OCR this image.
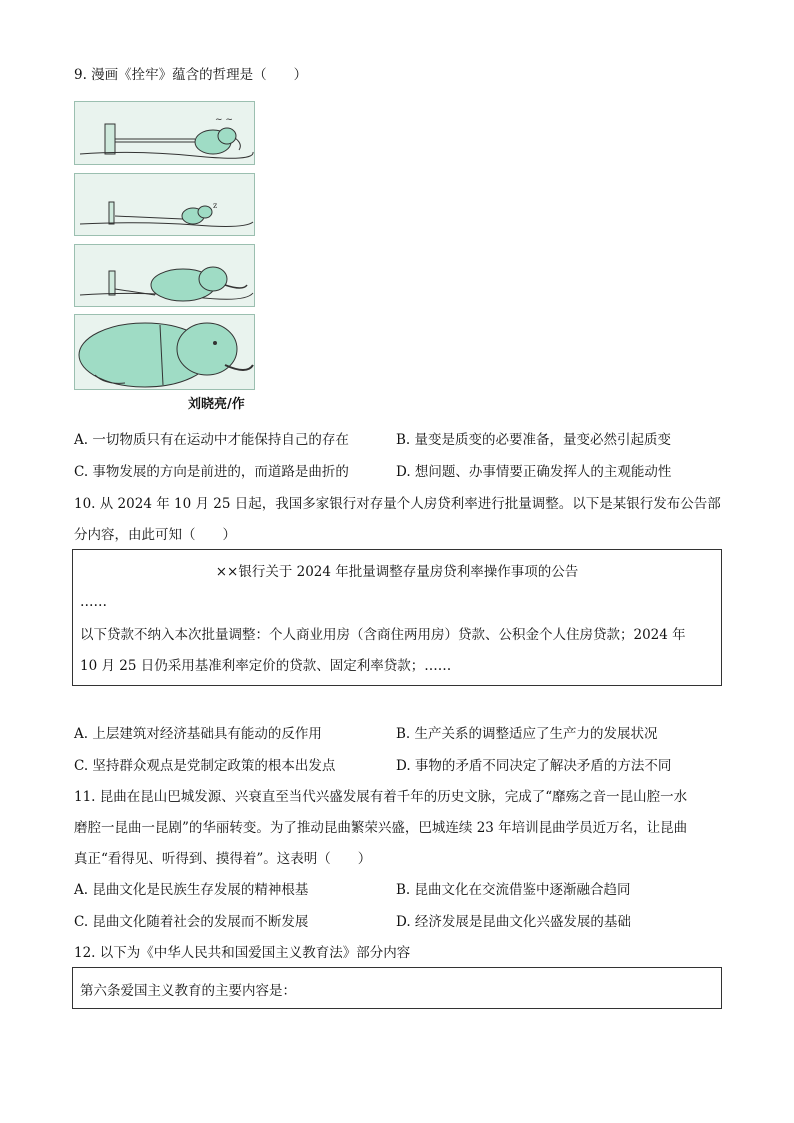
9. 漫画《拴牢》蕴含的哲理是（　　）
~ ~
z
刘晓亮/作
A. 一切物质只有在运动中才能保持自己的存在	B. 量变是质变的必要准备，量变必然引起质变
C. 事物发展的方向是前进的，而道路是曲折的	D. 想问题、办事情要正确发挥人的主观能动性
10. 从 2024 年 10 月 25 日起，我国多家银行对存量个人房贷利率进行批量调整。以下是某银行发布公告部
分内容，由此可知（　　）
××银行关于 2024 年批量调整存量房贷利率操作事项的公告
……
以下贷款不纳入本次批量调整：个人商业用房（含商住两用房）贷款、公积金个人住房贷款；2024 年
10 月 25 日仍采用基准利率定价的贷款、固定利率贷款；……
A. 上层建筑对经济基础具有能动的反作用	B. 生产关系的调整适应了生产力的发展状况
C. 坚持群众观点是党制定政策的根本出发点	D. 事物的矛盾不同决定了解决矛盾的方法不同
11. 昆曲在昆山巴城发源、兴衰直至当代兴盛发展有着千年的历史文脉，完成了“靡殇之音一昆山腔一水
磨腔一昆曲一昆剧”的华丽转变。为了推动昆曲繁荣兴盛，巴城连续 23 年培训昆曲学员近万名，让昆曲
真正“看得见、听得到、摸得着”。这表明（　　）
A. 昆曲文化是民族生存发展的精神根基	B. 昆曲文化在交流借鉴中逐渐融合趋同
C. 昆曲文化随着社会的发展而不断发展	D. 经济发展是昆曲文化兴盛发展的基础
12. 以下为《中华人民共和国爱国主义教育法》部分内容
第六条爱国主义教育的主要内容是：
